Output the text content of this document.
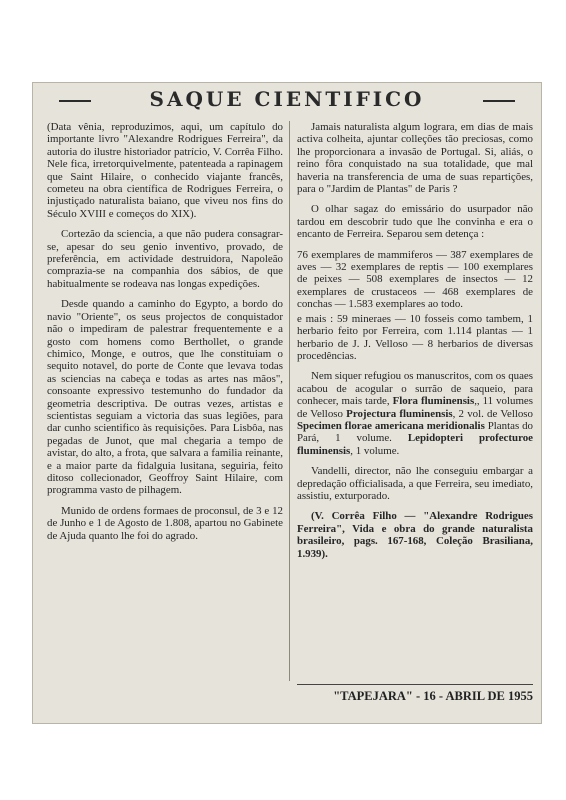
SAQUE CIENTIFICO

(Data vênia, reproduzimos, aqui, um capítulo do importante livro "Alexandre Rodrigues Ferreira", da autoria do ilustre historiador patrício, V. Corrêa Filho. Nele fica, irretorquivelmente, patenteada a rapinagem que Saint Hilaire, o conhecido viajante francês, cometeu na obra científica de Rodrigues Ferreira, o injustiçado naturalista baiano, que viveu nos fins do Século XVIII e começos do XIX).

Cortezão da sciencia, a que não pudera consagrar-se, apesar do seu genio inventivo, provado, de preferência, em actividade destruidora, Napoleão comprazia-se na companhia dos sábios, de que habitualmente se rodeava nas longas expedições.

Desde quando a caminho do Egypto, a bordo do navio "Oriente", os seus projectos de conquistador não o impediram de palestrar frequentemente e a gosto com homens como Berthollet, o grande chimico, Monge, e outros, que lhe constituiam o sequito notavel, do porte de Conte que levava todas as sciencias na cabeça e todas as artes nas mãos", consoante expressivo testemunho do fundador da geometria descriptiva. De outras vezes, artistas e scientistas seguiam a victoria das suas legiões, para dar cunho scientifico às requisições. Para Lisbôa, nas pegadas de Junot, que mal chegaria a tempo de avistar, do alto, a frota, que salvara a familia reinante, e a maior parte da fidalguia lusitana, seguiria, feito ditoso collecionador, Geoffroy Saint Hilaire, com programma vasto de pilhagem.

Munido de ordens formaes de proconsul, de 3 e 12 de Junho e 1 de Agosto de 1.808, apartou no Gabinete de Ajuda quanto lhe foi do agrado.

Jamais naturalista algum lograra, em dias de mais activa colheita, ajuntar colleções tão preciosas, como lhe proporcionara a invasão de Portugal. Si, aliás, o reino fôra conquistado na sua totalidade, que mal haveria na transferencia de uma de suas repartições, para o "Jardim de Plantas" de Paris ?

O olhar sagaz do emissário do usurpador não tardou em descobrir tudo que lhe convinha e era o encanto de Ferreira. Separou sem detença :

76 exemplares de mammiferos — 387 exemplares de aves — 32 exemplares de reptis — 100 exemplares de peixes — 508 exemplares de insectos — 12 exemplares de crustaceos — 468 exemplares de conchas — 1.583 exemplares ao todo.

e mais : 59 mineraes — 10 fosseis como tambem, 1 herbario feito por Ferreira, com 1.114 plantas — 1 herbario de J. J. Velloso — 8 herbarios de diversas procedências.

Nem siquer refugiou os manuscritos, com os quaes acabou de acogular o surrão de saqueio, para conhecer, mais tarde, Flora fluminensis,, 11 volumes de Velloso Projectura fluminensis, 2 vol. de Velloso Specimen florae americana meridionalis Plantas do Pará, 1 volume. Lepidopteri profecturoe fluminensis, 1 volume.

Vandelli, director, não lhe conseguiu embargar a depredação officialisada, a que Ferreira, seu imediato, assistiu, exturporado.

(V. Corrêa Filho — "Alexandre Rodrigues Ferreira", Vida e obra do grande naturalista brasileiro, pags. 167-168, Coleção Brasiliana, 1.939).

"TAPEJARA" - 16 - ABRIL DE 1955
